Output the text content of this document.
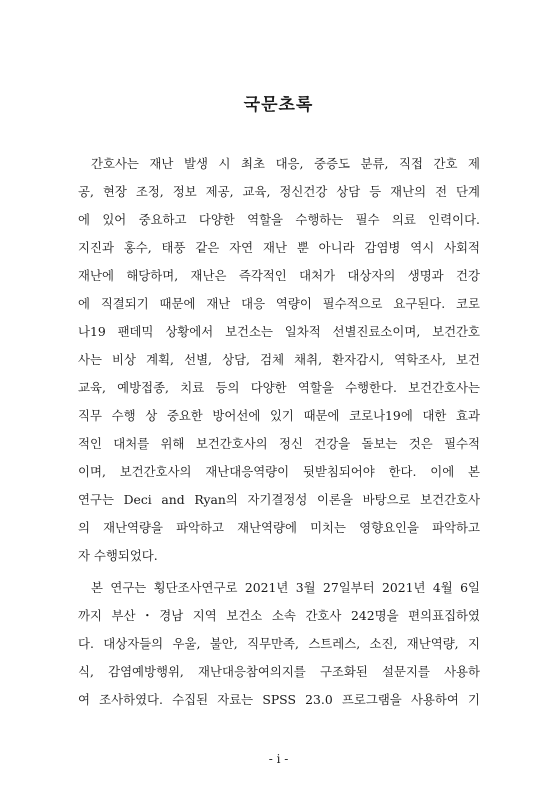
국문초록
간호사는 재난 발생 시 최초 대응, 중증도 분류, 직접 간호 제
공, 현장 조정, 정보 제공, 교육, 정신건강 상담 등 재난의 전 단계
에 있어 중요하고 다양한 역할을 수행하는 필수 의료 인력이다.
지진과 홍수, 태풍 같은 자연 재난 뿐 아니라 감염병 역시 사회적
재난에 해당하며, 재난은 즉각적인 대처가 대상자의 생명과 건강
에 직결되기 때문에 재난 대응 역량이 필수적으로 요구된다. 코로
나19 팬데믹 상황에서 보건소는 일차적 선별진료소이며, 보건간호
사는 비상 계획, 선별, 상담, 검체 채취, 환자감시, 역학조사, 보건
교육, 예방접종, 치료 등의 다양한 역할을 수행한다. 보건간호사는
직무 수행 상 중요한 방어선에 있기 때문에 코로나19에 대한 효과
적인 대처를 위해 보건간호사의 정신 건강을 돌보는 것은 필수적
이며, 보건간호사의 재난대응역량이 뒷받침되어야 한다. 이에 본
연구는 Deci and Ryan의 자기결정성 이론을 바탕으로 보건간호사
의 재난역량을 파악하고 재난역량에 미치는 영향요인을 파악하고
자 수행되었다.
본 연구는 횡단조사연구로 2021년 3월 27일부터 2021년 4월 6일
까지 부산・경남 지역 보건소 소속 간호사 242명을 편의표집하였
다. 대상자들의 우울, 불안, 직무만족, 스트레스, 소진, 재난역량, 지
식, 감염예방행위, 재난대응참여의지를 구조화된 설문지를 사용하
여 조사하였다. 수집된 자료는 SPSS 23.0 프로그램을 사용하여 기
- i -
